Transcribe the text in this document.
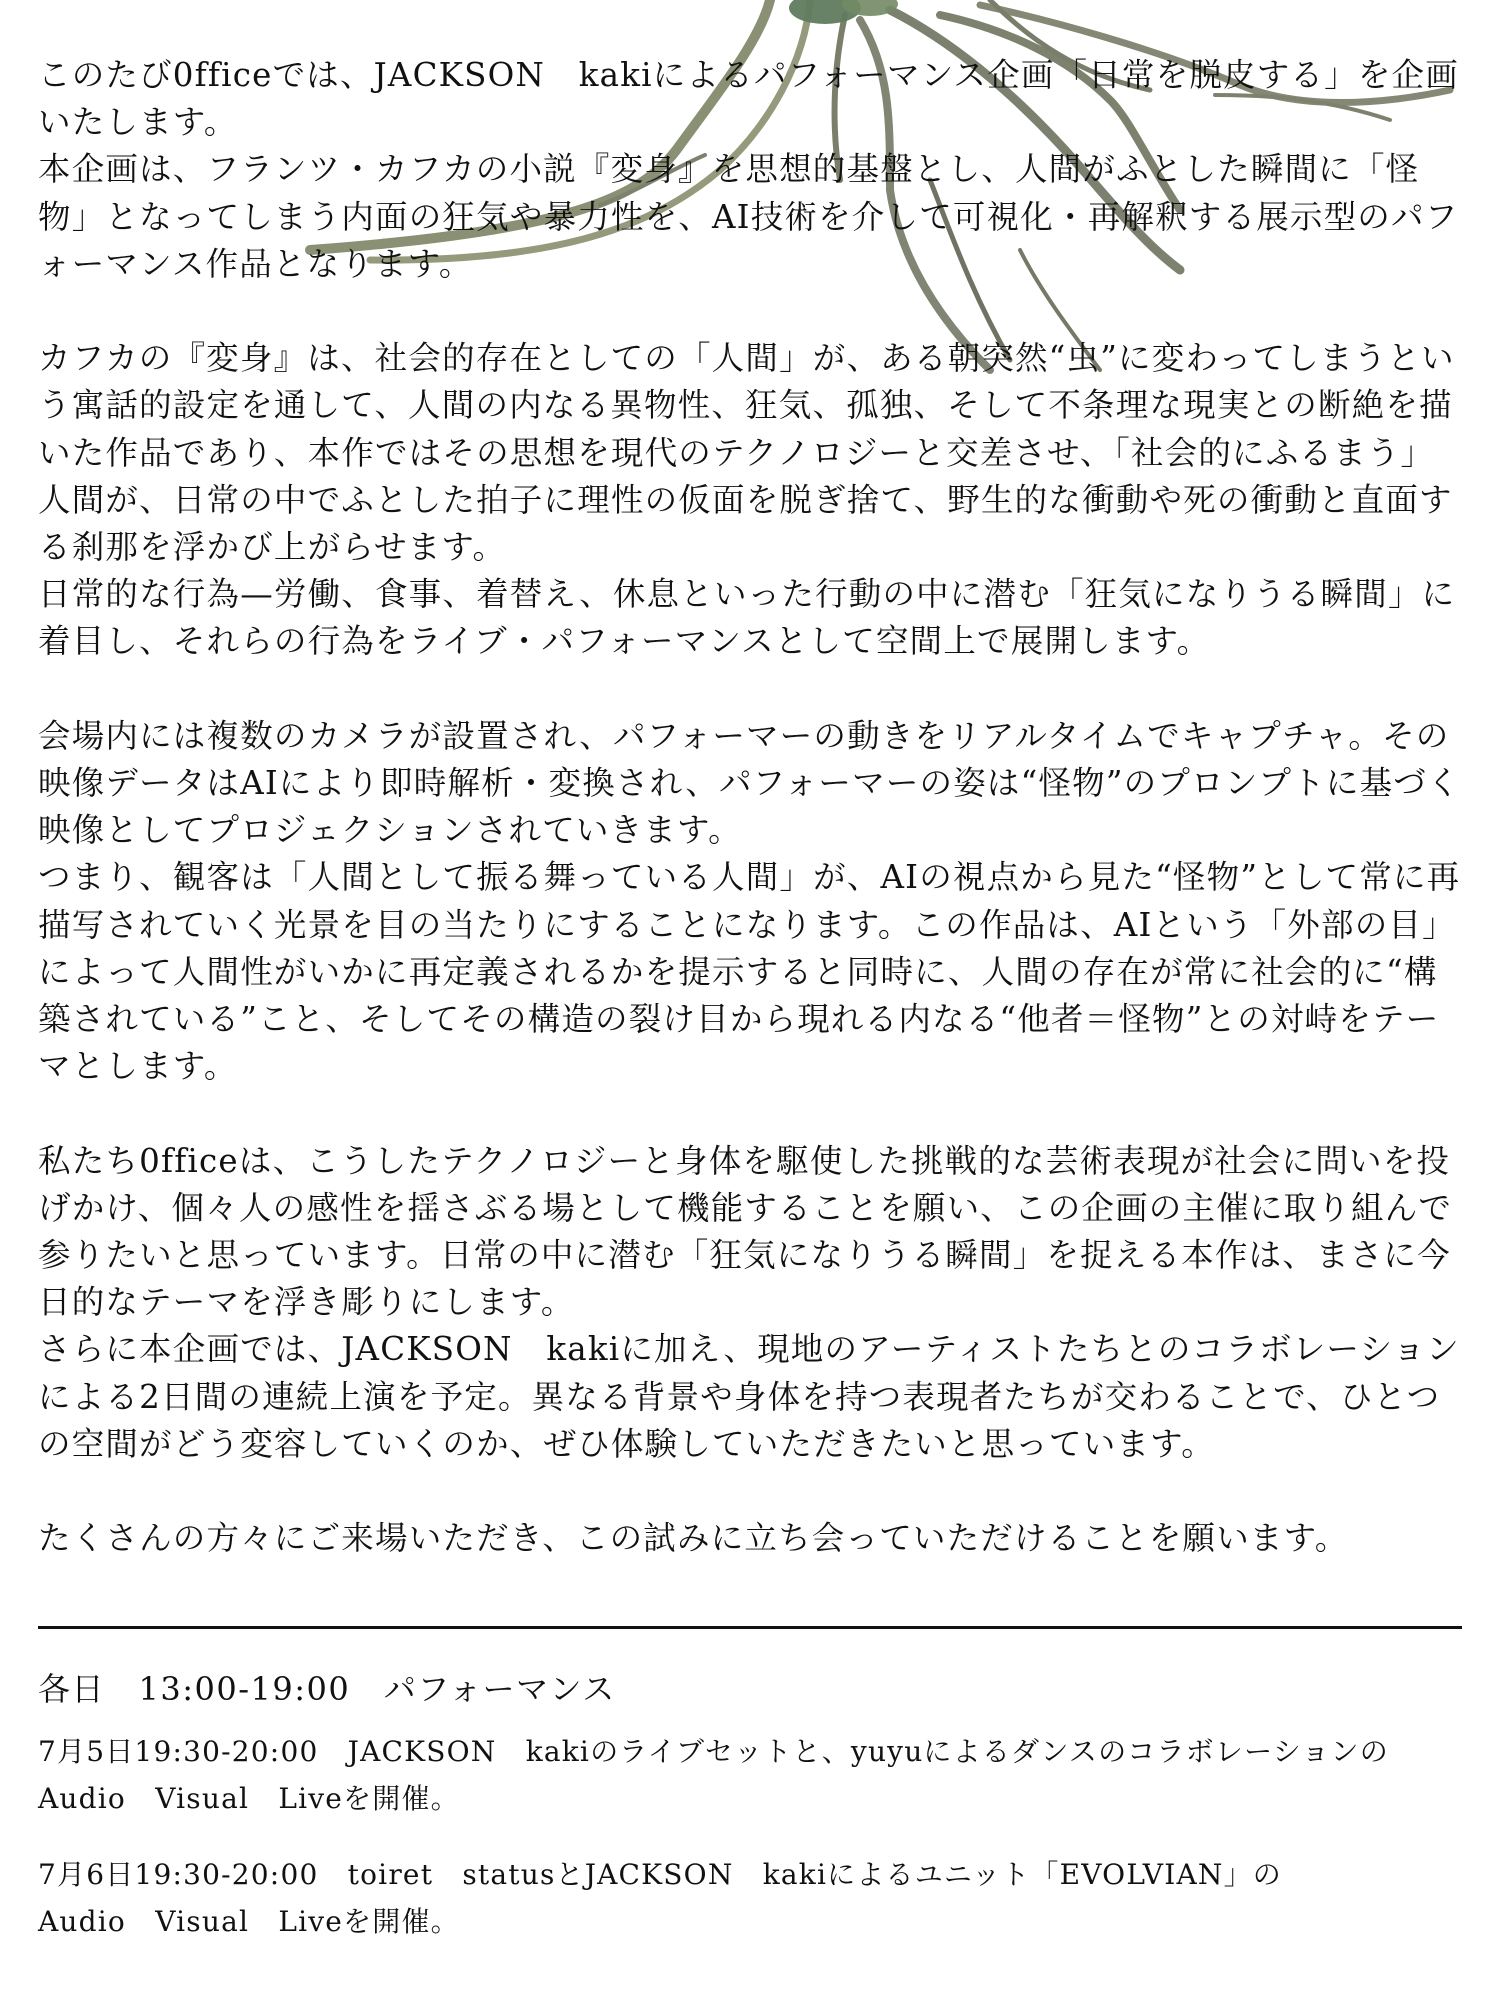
このたび0fficeでは、JACKSON　kakiによるパフォーマンス企画「日常を脱皮する」を企画いたします。

本企画は、フランツ・カフカの小説『変身』を思想的基盤とし、人間がふとした瞬間に「怪物」となってしまう内面の狂気や暴力性を、AI技術を介して可視化・再解釈する展示型のパフォーマンス作品となります。

カフカの『変身』は、社会的存在としての「人間」が、ある朝突然“虫”に変わってしまうという寓話的設定を通して、人間の内なる異物性、狂気、孤独、そして不条理な現実との断絶を描いた作品であり、本作ではその思想を現代のテクノロジーと交差させ、「社会的にふるまう」人間が、日常の中でふとした拍子に理性の仮面を脱ぎ捨て、野生的な衝動や死の衝動と直面する刹那を浮かび上がらせます。

日常的な行為—労働、食事、着替え、休息といった行動の中に潜む「狂気になりうる瞬間」に着目し、それらの行為をライブ・パフォーマンスとして空間上で展開します。

会場内には複数のカメラが設置され、パフォーマーの動きをリアルタイムでキャプチャ。その映像データはAIにより即時解析・変換され、パフォーマーの姿は“怪物”のプロンプトに基づく映像としてプロジェクションされていきます。

つまり、観客は「人間として振る舞っている人間」が、AIの視点から見た“怪物”として常に再描写されていく光景を目の当たりにすることになります。この作品は、AIという「外部の目」によって人間性がいかに再定義されるかを提示すると同時に、人間の存在が常に社会的に“構築されている”こと、そしてその構造の裂け目から現れる内なる“他者＝怪物”との対峙をテーマとします。

私たち0fficeは、こうしたテクノロジーと身体を駆使した挑戦的な芸術表現が社会に問いを投げかけ、個々人の感性を揺さぶる場として機能することを願い、この企画の主催に取り組んで参りたいと思っています。日常の中に潜む「狂気になりうる瞬間」を捉える本作は、まさに今日的なテーマを浮き彫りにします。

さらに本企画では、JACKSON　kakiに加え、現地のアーティストたちとのコラボレーションによる2日間の連続上演を予定。異なる背景や身体を持つ表現者たちが交わることで、ひとつの空間がどう変容していくのか、ぜひ体験していただきたいと思っています。

たくさんの方々にご来場いただき、この試みに立ち会っていただけることを願います。

各日　13:00-19:00　パフォーマンス
7月5日19:30-20:00　JACKSON　kakiのライブセットと、yuyuによるダンスのコラボレーションの
Audio　Visual　Liveを開催。
7月6日19:30-20:00　toiret　statusとJACKSON　kakiによるユニット「EVOLVIAN」の
Audio　Visual　Liveを開催。
